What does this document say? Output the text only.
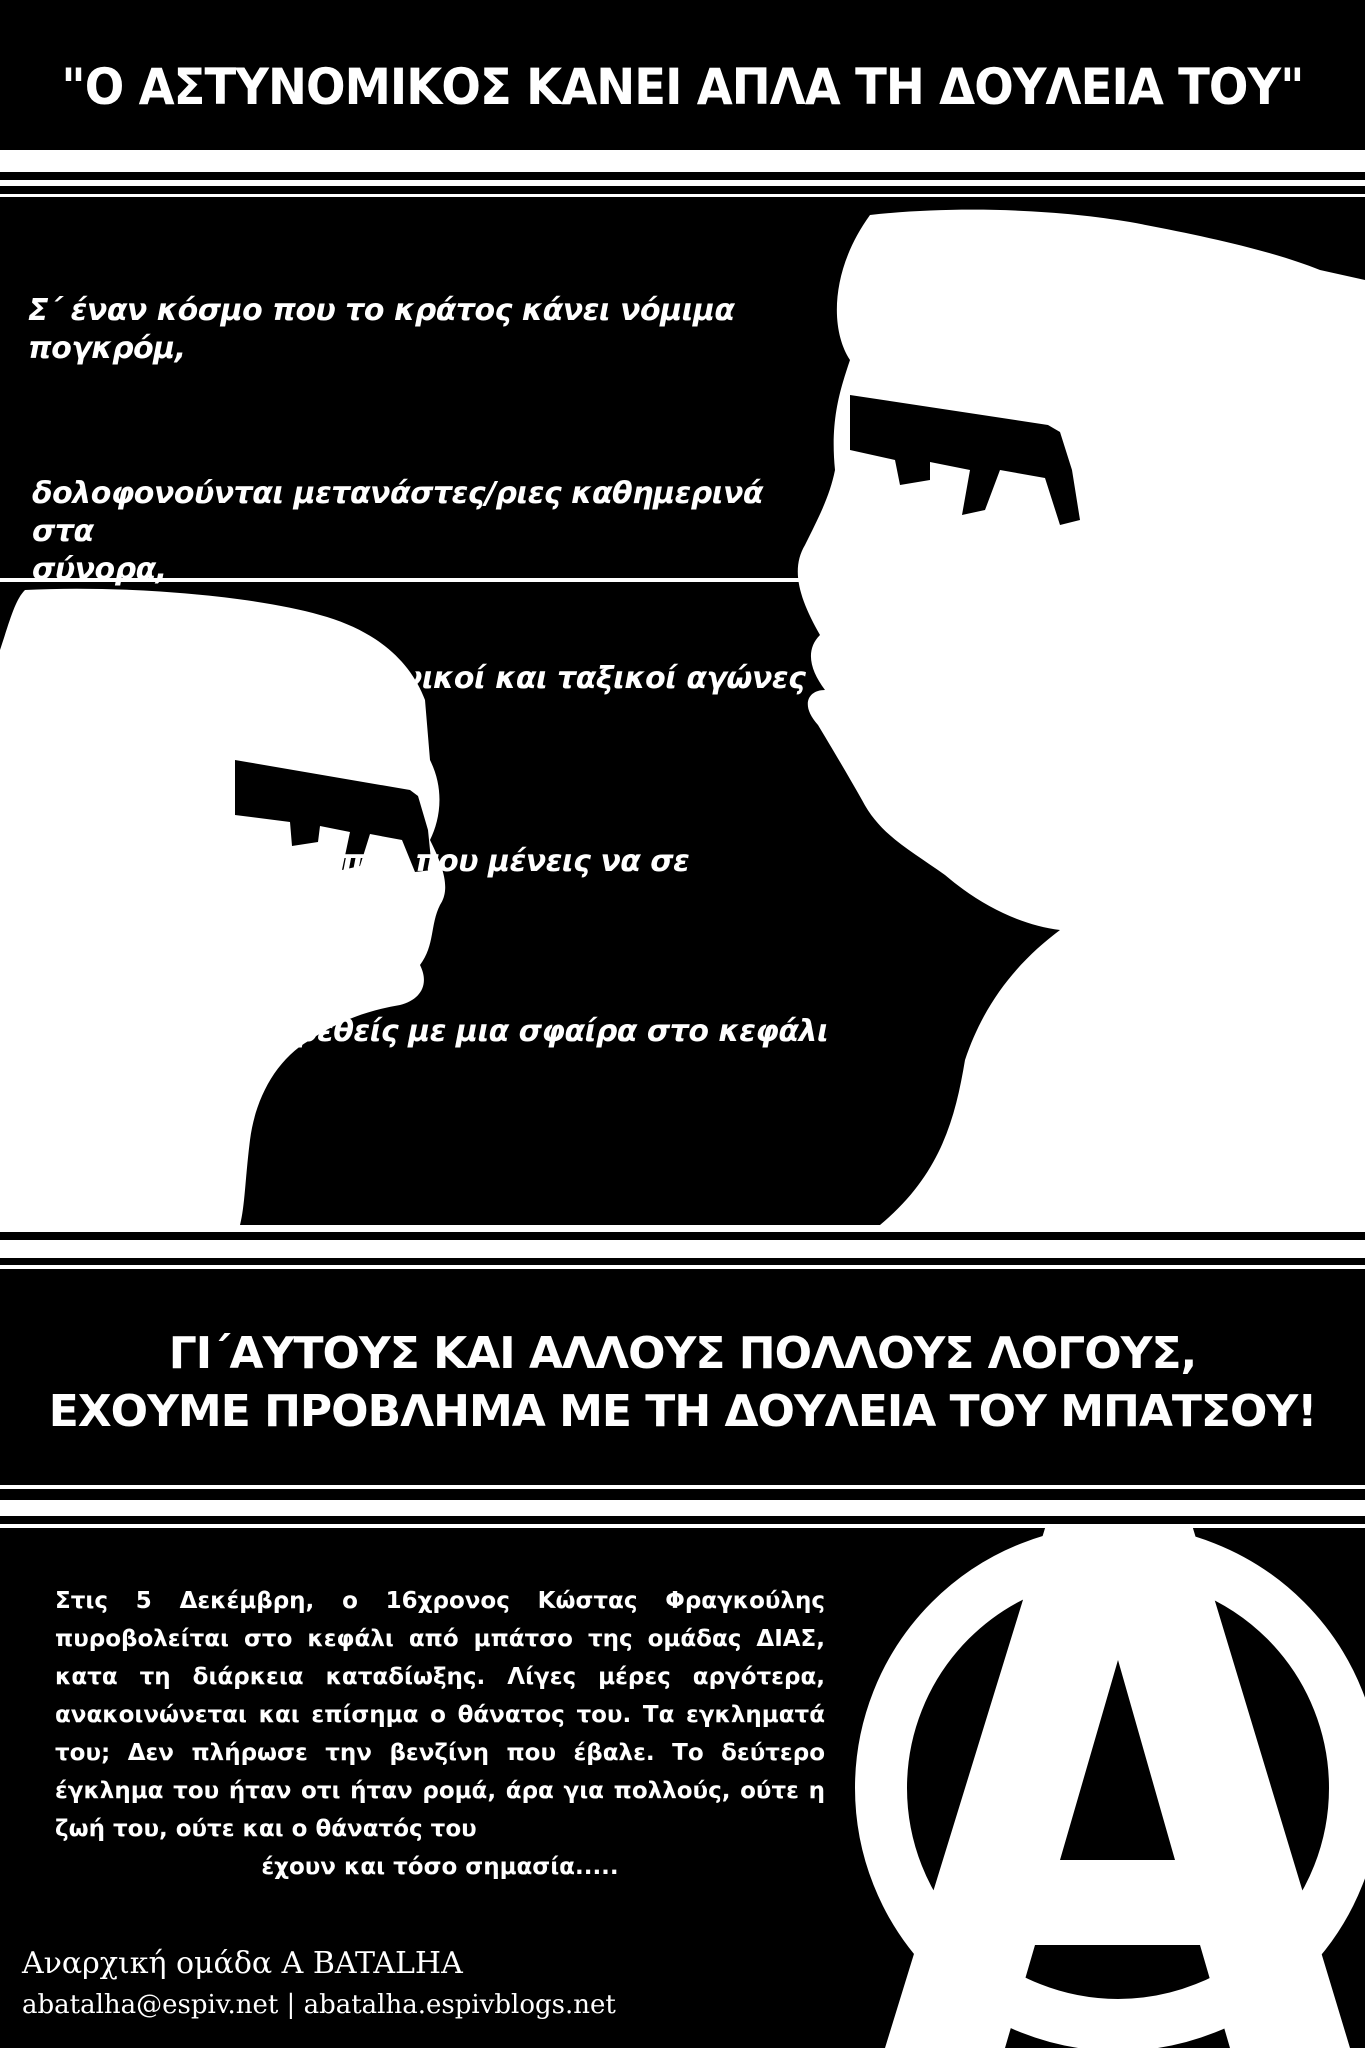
"Ο ΑΣΤΥΝΟΜΙΚΟΣ ΚΑΝΕΙ ΑΠΛΑ ΤΗ ΔΟΥΛΕΙΑ ΤΟΥ"
Σ΄ έναν κόσμο που το κράτος κάνει νόμιμα
πογκρόμ,
δολοφονούνται μετανάστες/ριες καθημερινά στα
σύνορα,
καταστέλλονται κοινωνικοί και ταξικοί αγώνες
και διαδηλώσεις,
μπουκάρουν στο σπίτι που μένεις να σε πετάξουν
έξω,
και μπορεί να βρεθείς με μια σφαίρα στο κεφάλι
ΓΙ΄ΑΥΤΟΥΣ ΚΑΙ ΑΛΛΟΥΣ ΠΟΛΛΟΥΣ ΛΟΓΟΥΣ,
ΕΧΟΥΜΕ ΠΡΟΒΛΗΜΑ ΜΕ ΤΗ ΔΟΥΛΕΙΑ ΤΟΥ ΜΠΑΤΣΟΥ!
Στις 5 Δεκέμβρη, ο 16χρονος Κώστας Φραγκούλης πυροβολείται στο κεφάλι από μπάτσο της ομάδας ΔΙΑΣ, κατα τη διάρκεια καταδίωξης. Λίγες μέρες αργότερα, ανακοινώνεται και επίσημα ο θάνατος του. Τα εγκληματά του; Δεν πλήρωσε την βενζίνη που έβαλε. Το δεύτερο έγκλημα του ήταν οτι ήταν ρομά, άρα για πολλούς, ούτε η ζωή του, ούτε και ο θάνατός του
έχουν και τόσο σημασία.....
Αναρχική ομάδα Α BATALHA
abatalha@espiv.net | abatalha.espivblogs.net
